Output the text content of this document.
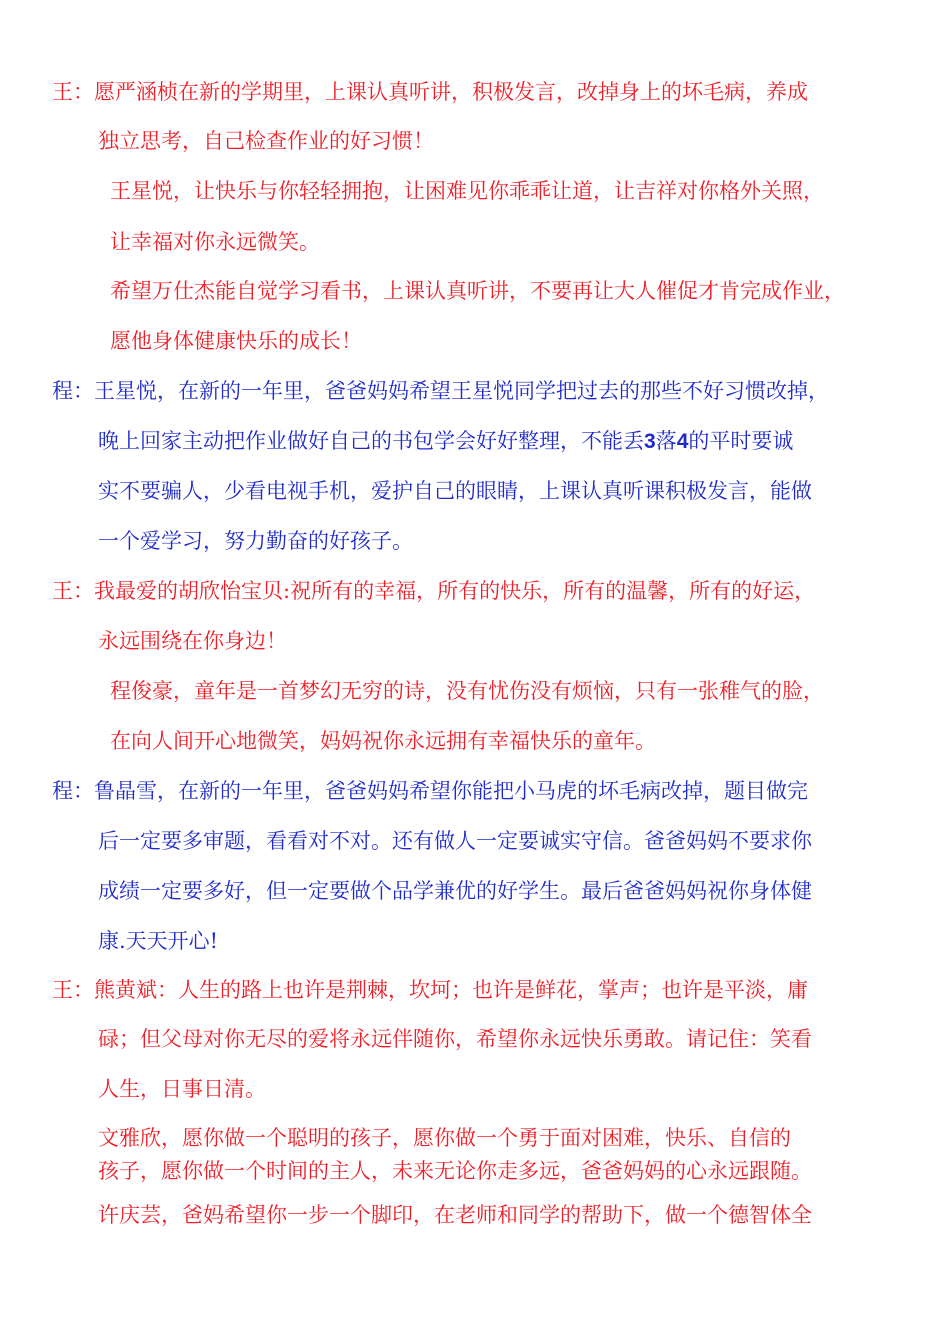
王：愿严涵桢在新的学期里，上课认真听讲，积极发言，改掉身上的坏毛病，养成
独立思考，自己检查作业的好习惯！
王星悦，让快乐与你轻轻拥抱，让困难见你乖乖让道，让吉祥对你格外关照，
让幸福对你永远微笑。
希望万仕杰能自觉学习看书，上课认真听讲，不要再让大人催促才肯完成作业，
愿他身体健康快乐的成长！
程：王星悦，在新的一年里，爸爸妈妈希望王星悦同学把过去的那些不好习惯改掉，
晚上回家主动把作业做好自己的书包学会好好整理，不能丢3落4的平时要诚
实不要骗人，少看电视手机，爱护自己的眼睛，上课认真听课积极发言，能做
一个爱学习，努力勤奋的好孩子。
王：我最爱的胡欣怡宝贝:祝所有的幸福，所有的快乐，所有的温馨，所有的好运，
永远围绕在你身边！
程俊豪，童年是一首梦幻无穷的诗，没有忧伤没有烦恼，只有一张稚气的脸，
在向人间开心地微笑，妈妈祝你永远拥有幸福快乐的童年。
程：鲁晶雪，在新的一年里，爸爸妈妈希望你能把小马虎的坏毛病改掉，题目做完
后一定要多审题，看看对不对。还有做人一定要诚实守信。爸爸妈妈不要求你
成绩一定要多好，但一定要做个品学兼优的好学生。最后爸爸妈妈祝你身体健
康.天天开心!
王：熊黄斌：人生的路上也许是荆棘，坎坷；也许是鲜花，掌声；也许是平淡，庸
碌；但父母对你无尽的爱将永远伴随你，希望你永远快乐勇敢。请记住：笑看
人生，日事日清。
文雅欣，愿你做一个聪明的孩子，愿你做一个勇于面对困难，快乐、自信的
孩子，愿你做一个时间的主人，未来无论你走多远，爸爸妈妈的心永远跟随。
许庆芸，爸妈希望你一步一个脚印，在老师和同学的帮助下，做一个德智体全
